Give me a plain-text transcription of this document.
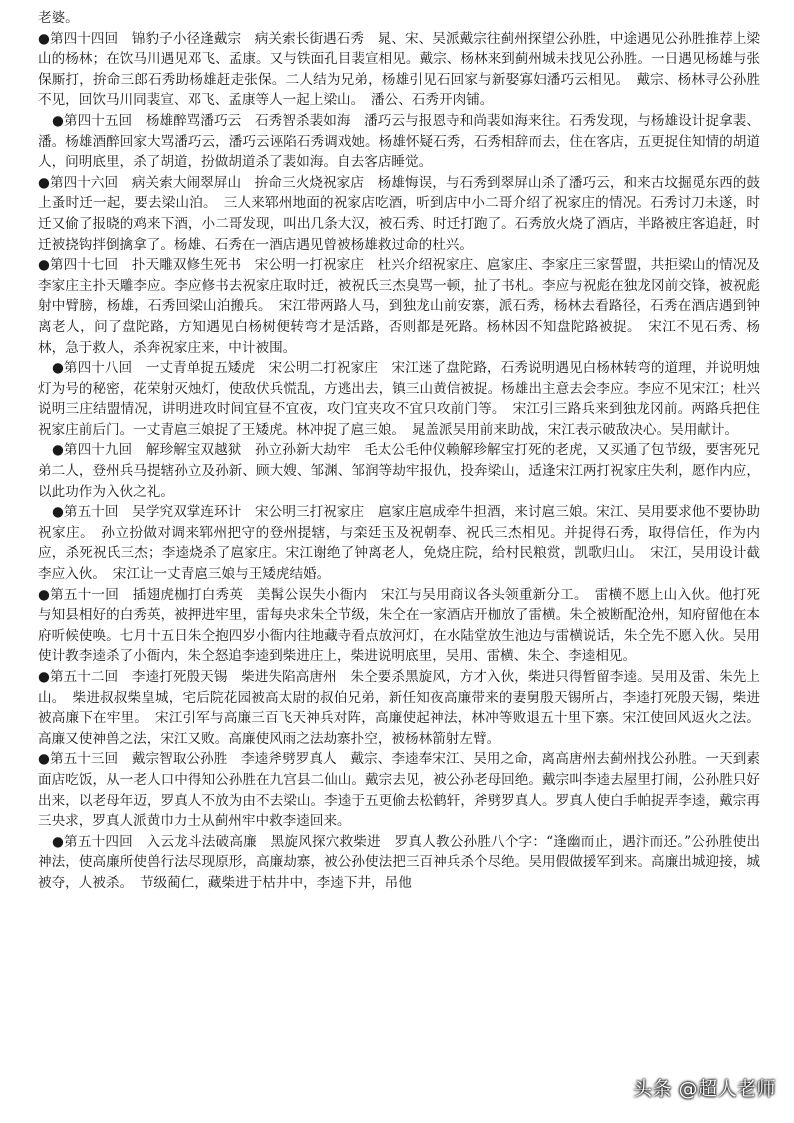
老婆。

●第四十四回　锦豹子小径逢戴宗　病关索长街遇石秀　晁、宋、吴派戴宗往蓟州探望公孙胜，中途遇见公孙胜推荐上梁山的杨林；在饮马川遇见邓飞、孟康。又与铁面孔目裴宣相见。戴宗、杨林来到蓟州城未找见公孙胜。一日遇见杨雄与张保厮打，拚命三郎石秀助杨雄赶走张保。二人结为兄弟，杨雄引见石回家与新娶寡妇潘巧云相见。　戴宗、杨林寻公孙胜不见，回饮马川同裴宣、邓飞、孟康等人一起上梁山。　潘公、石秀开肉铺。

●第四十五回　杨雄醉骂潘巧云　石秀智杀裴如海　潘巧云与报恩寺和尚裴如海来往。石秀发现，与杨雄设计捉拿裴、潘。杨雄酒醉回家大骂潘巧云，潘巧云诬陷石秀调戏她。杨雄怀疑石秀，石秀相辞而去，住在客店，五更捉住知情的胡道人，问明底里，杀了胡道，扮做胡道杀了裴如海。自去客店睡觉。

●第四十六回　病关索大闹翠屏山　拚命三火烧祝家店　杨雄悔误，与石秀到翠屏山杀了潘巧云，和来古坟掘觅东西的鼓上蚤时迁一起，要去梁山泊。　三人来郓州地面的祝家店吃酒，听到店中小二哥介绍了祝家庄的情况。石秀讨刀未遂，时迁又偷了报晓的鸡来下酒，小二哥发现，叫出几条大汉，被石秀、时迁打跑了。石秀放火烧了酒店，半路被庄客追赶，时迁被挠钩拌倒擒拿了。杨雄、石秀在一酒店遇见曾被杨雄救过命的杜兴。

●第四十七回　扑天雕双修生死书　宋公明一打祝家庄　杜兴介绍祝家庄、扈家庄、李家庄三家誓盟，共拒梁山的情况及李家庄主扑天雕李应。李应修书去祝家庄取时迁，被祝氏三杰臭骂一顿，扯了书札。李应与祝彪在独龙冈前交锋，被祝彪射中臂膀，杨雄，石秀回梁山泊搬兵。　宋江带两路人马，到独龙山前安寨，派石秀，杨林去看路径，石秀在酒店遇到钟离老人，问了盘陀路，方知遇见白杨树便转弯才是活路，否则都是死路。杨林因不知盘陀路被捉。　宋江不见石秀、杨林，急于救人，杀奔祝家庄来，中计被围。

●第四十八回　一丈青单捉五矮虎　宋公明二打祝家庄　宋江迷了盘陀路，石秀说明遇见白杨林转弯的道理，并说明烛灯为号的秘密，花荣射灭烛灯，使敌伏兵慌乱，方逃出去，镇三山黄信被捉。杨雄出主意去会李应。李应不见宋江；杜兴说明三庄结盟情况，讲明进攻时间宜昼不宜夜，攻门宜夹攻不宜只攻前门等。　宋江引三路兵来到独龙冈前。两路兵把住祝家庄前后门。一丈青扈三娘捉了王矮虎。林冲捉了扈三娘。　晁盖派吴用前来助战，宋江表示破敌决心。吴用献计。

●第四十九回　解珍解宝双越狱　孙立孙新大劫牢　毛太公毛仲仪赖解珍解宝打死的老虎，又买通了包节级，要害死兄弟二人，登州兵马提辖孙立及孙新、顾大嫂、邹渊、邹润等劫牢报仇，投奔梁山，适逢宋江两打祝家庄失利，愿作内应，以此功作为入伙之礼。

●第五十回　吴学究双掌连环计　宋公明三打祝家庄　扈家庄扈成牵牛担酒，来讨扈三娘。宋江、吴用要求他不要协助祝家庄。　孙立扮做对调来郓州把守的登州提辖，与栾廷玉及祝朝奉、祝氏三杰相见。并捉得石秀，取得信任，作为内应，杀死祝氏三杰；李逵烧杀了扈家庄。宋江谢绝了钟离老人，免烧庄院，给村民粮赏，凯歌归山。　宋江，吴用设计截李应入伙。　宋江让一丈青扈三娘与王矮虎结婚。

●第五十一回　插翅虎枷打白秀英　美髯公误失小衙内　宋江与吴用商议各头领重新分工。　雷横不愿上山入伙。他打死与知县相好的白秀英，被押进牢里，雷每央求朱仝节级，朱仝在一家酒店开枷放了雷横。朱仝被断配沧州，知府留他在本府听候使唤。七月十五日朱仝抱四岁小衙内往地藏寺看点放河灯，在水陆堂放生池边与雷横说话，朱仝先不愿入伙。吴用使计教李逵杀了小衙内，朱仝怒追李逵到柴进庄上，柴进说明底里，吴用、雷横、朱仝、李逵相见。

●第五十二回　李逵打死殷天锡　柴进失陷高唐州　朱仝要杀黑旋风，方才入伙，柴进只得暂留李逵。吴用及雷、朱先上山。　柴进叔叔柴皇城，宅后院花园被高太尉的叔伯兄弟，新任知夜高廉带来的妻舅殷天锡所占，李逵打死殷天锡，柴进被高廉下在牢里。　宋江引军与高廉三百飞天神兵对阵，高廉使起神法，林冲等败退五十里下寨。宋江使回风返火之法。高廉又使神兽之法，宋江又败。高廉使风雨之法劫寨扑空，被杨林箭射左臂。

●第五十三回　戴宗智取公孙胜　李逵斧劈罗真人　戴宗、李逵奉宋江、吴用之命，离高唐州去蓟州找公孙胜。一天到素面店吃饭，从一老人口中得知公孙胜在九宫县二仙山。戴宗去见，被公孙老母回绝。戴宗叫李逵去屋里打闹，公孙胜只好出来，以老母年迈，罗真人不放为由不去梁山。李逵于五更偷去松鹤轩，斧劈罗真人。罗真人使白手帕捉弄李逵，戴宗再三央求，罗真人派黄巾力士从蓟州牢中救李逵回来。

●第五十四回　入云龙斗法破高廉　黑旋风探穴救柴进　罗真人教公孙胜八个字：“逢幽而止，遇汴而还。”公孙胜使出神法，使高廉所使兽行法尽现原形，高廉劫寨，被公孙使法把三百神兵杀个尽绝。吴用假做援军到来。高廉出城迎接，城被夺，人被杀。　节级蔺仁，藏柴进于枯井中，李逵下井，吊他

头条 @超人老师
